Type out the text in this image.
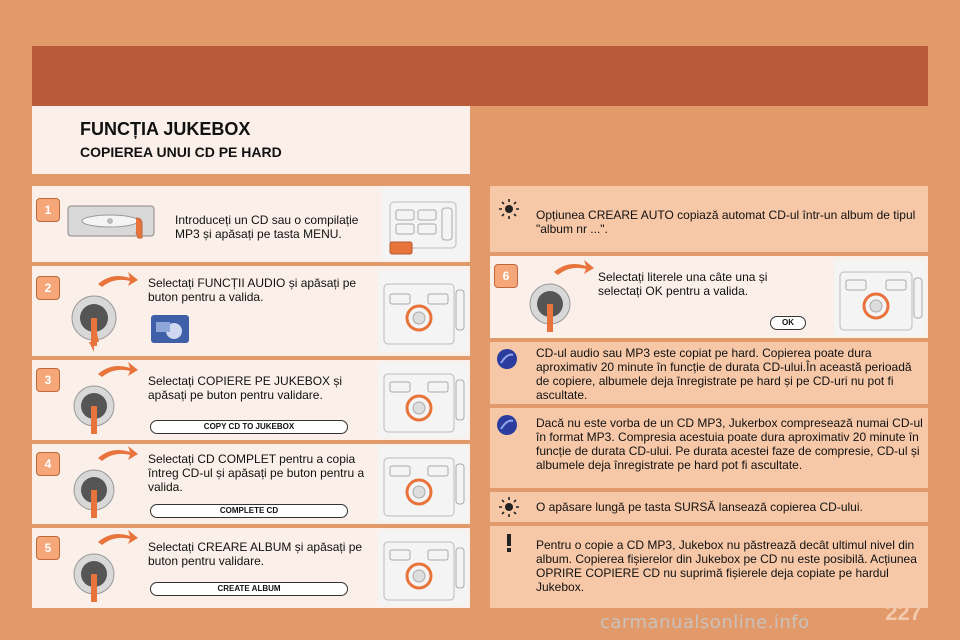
FUNCȚIA JUKEBOX
COPIEREA UNUI CD PE HARD
1

Introduceți un CD sau o compilație MP3 și apăsați pe tasta MENU.

2	Selectați FUNCȚII AUDIO și apăsați pe buton pentru a valida.

3	Selectați COPIERE PE JUKEBOX și apăsați pe buton pentru validare.

COPY CD TO JUKEBOX
4	Selectați CD COMPLET pentru a copia întreg CD-ul și apăsați pe buton pentru a valida.

COMPLETE CD
5	Selectați CREARE ALBUM și apăsați pe buton pentru validare.

CREATE ALBUM

Opțiunea CREARE AUTO copiază automat CD-ul într-un album de tipul "album nr ...".

6	Selectați literele una câte una și selectați OK pentru a valida.

OK

CD-ul audio sau MP3 este copiat pe hard. Copierea poate dura aproximativ 20 minute în funcție de durata CD-ului.În această perioadă de copiere, albumele deja înregistrate pe hard și pe CD-uri nu pot fi ascultate.

Dacă nu este vorba de un CD MP3, Jukerbox compresează numai CD-ul în format MP3. Compresia acestuia poate dura aproximativ 20 minute în funcție de durata CD-ului. Pe durata acestei faze de compresie, CD-ul și albumele deja înregistrate pe hard pot fi ascultate.

O apăsare lungă pe tasta SURSĂ lansează copierea CD-ului.

Pentru o copie a CD MP3, Jukebox nu păstrează decât ultimul nivel din album. Copierea fișierelor din Jukebox pe CD nu este posibilă. Acțiunea OPRIRE COPIERE CD nu suprimă fișierele deja copiate pe hardul Jukebox.

227
carmanualsonline.info
